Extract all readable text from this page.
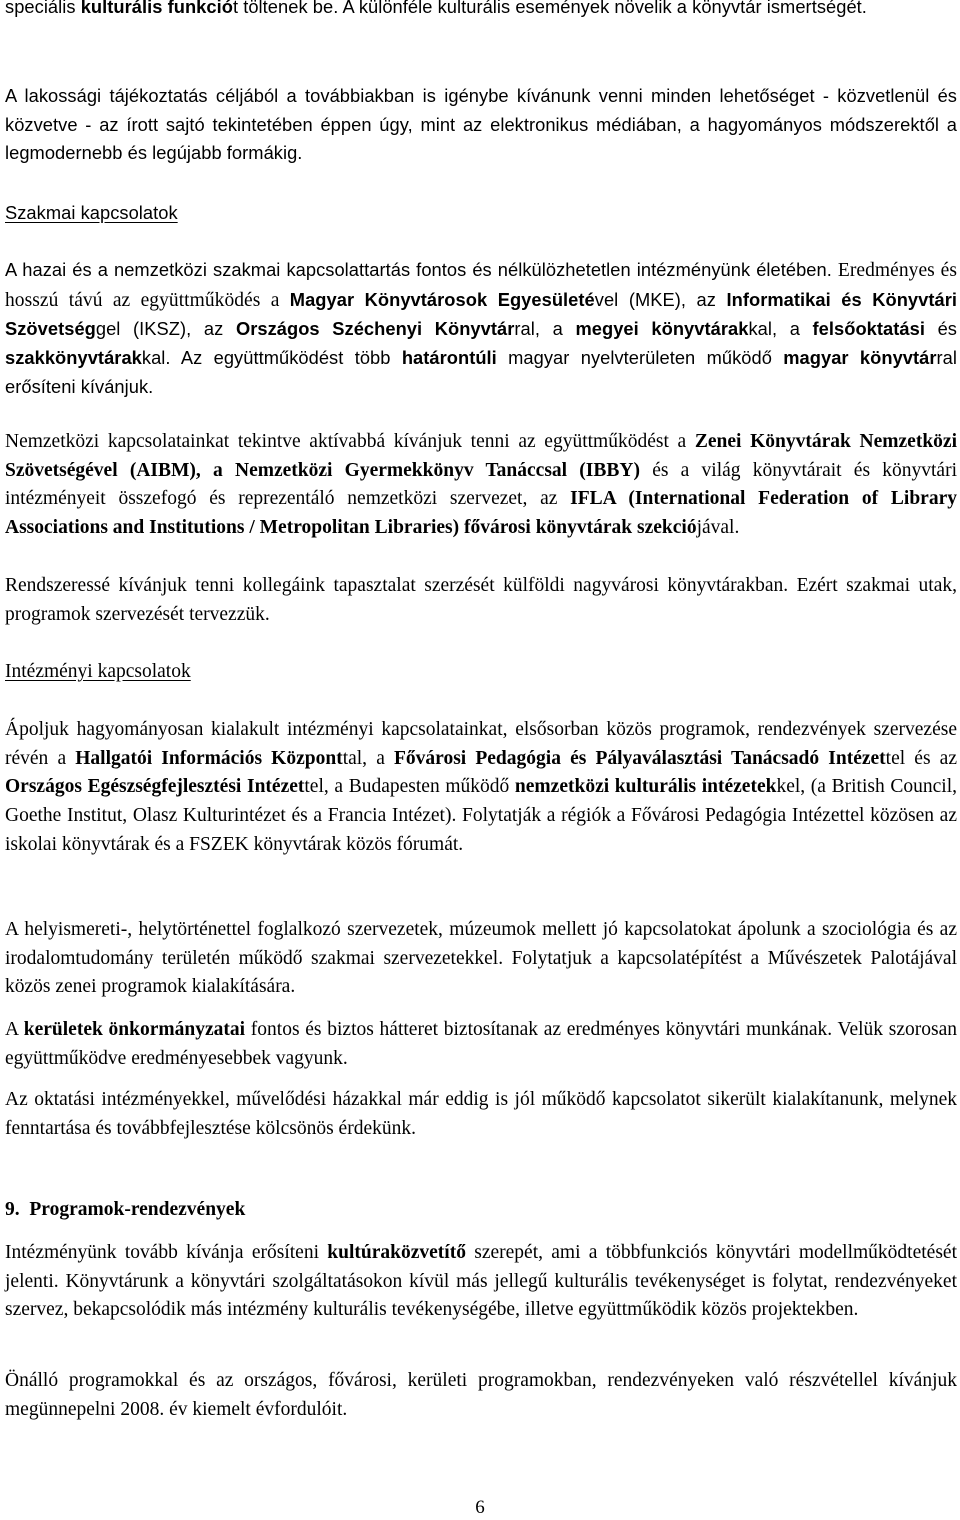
speciális kulturális funkciót töltenek be. A különféle kulturális események növelik a könyvtár ismertségét.

A lakossági tájékoztatás céljából a továbbiakban is igénybe kívánunk venni minden lehetőséget - közvetlenül és közvetve - az írott sajtó tekintetében éppen úgy, mint az elektronikus médiában, a hagyományos módszerektől a legmodernebb és legújabb formákig.

Szakmai kapcsolatok

A hazai és a nemzetközi szakmai kapcsolattartás fontos és nélkülözhetetlen intézményünk életében. Eredményes és hosszú távú az együttműködés a Magyar Könyvtárosok Egyesületével (MKE), az Informatikai és Könyvtári Szövetséggel (IKSZ), az Országos Széchenyi Könyvtárral, a megyei könyvtárakkal, a felsőoktatási és szakkönyvtárakkal. Az együttműködést több határontúli magyar nyelvterületen működő magyar könyvtárral erősíteni kívánjuk.

Nemzetközi kapcsolatainkat tekintve aktívabbá kívánjuk tenni az együttműködést a Zenei Könyvtárak Nemzetközi Szövetségével (AIBM), a Nemzetközi Gyermekkönyv Tanáccsal (IBBY) és a világ könyvtárait és könyvtári intézményeit összefogó és reprezentáló nemzetközi szervezet, az IFLA (International Federation of Library Associations and Institutions / Metropolitan Libraries) fővárosi könyvtárak szekciójával.

Rendszeressé kívánjuk tenni kollegáink tapasztalat szerzését külföldi nagyvárosi könyvtárakban. Ezért szakmai utak, programok szervezését tervezzük.

Intézményi kapcsolatok

Ápoljuk hagyományosan kialakult intézményi kapcsolatainkat, elsősorban közös programok, rendezvények szervezése révén a Hallgatói Információs Központtal, a Fővárosi Pedagógia és Pályaválasztási Tanácsadó Intézettel és az Országos Egészségfejlesztési Intézettel, a Budapesten működő nemzetközi kulturális intézetekkel, (a British Council, Goethe Institut, Olasz Kulturintézet és a Francia Intézet). Folytatják a régiók a Fővárosi Pedagógia Intézettel közösen az iskolai könyvtárak és a FSZEK könyvtárak közös fórumát.

A helyismereti-, helytörténettel foglalkozó szervezetek, múzeumok mellett jó kapcsolatokat ápolunk a szociológia és az irodalomtudomány területén működő szakmai szervezetekkel. Folytatjuk a kapcsolatépítést a Művészetek Palotájával közös zenei programok kialakítására.

A kerületek önkormányzatai fontos és biztos hátteret biztosítanak az eredményes könyvtári munkának. Velük szorosan együttműködve eredményesebbek vagyunk.

Az oktatási intézményekkel, művelődési házakkal már eddig is jól működő kapcsolatot sikerült kialakítanunk, melynek fenntartása és továbbfejlesztése kölcsönös érdekünk.

9.  Programok-rendezvények

Intézményünk tovább kívánja erősíteni kultúraközvetítő szerepét, ami a többfunkciós könyvtári modellműködtetését jelenti. Könyvtárunk a könyvtári szolgáltatásokon kívül más jellegű kulturális tevékenységet is folytat, rendezvényeket szervez, bekapcsolódik más intézmény kulturális tevékenységébe, illetve együttműködik közös projektekben.

Önálló programokkal és az országos, fővárosi, kerületi programokban, rendezvényeken való részvétellel kívánjuk megünnepelni 2008. év kiemelt évfordulóit.

6
